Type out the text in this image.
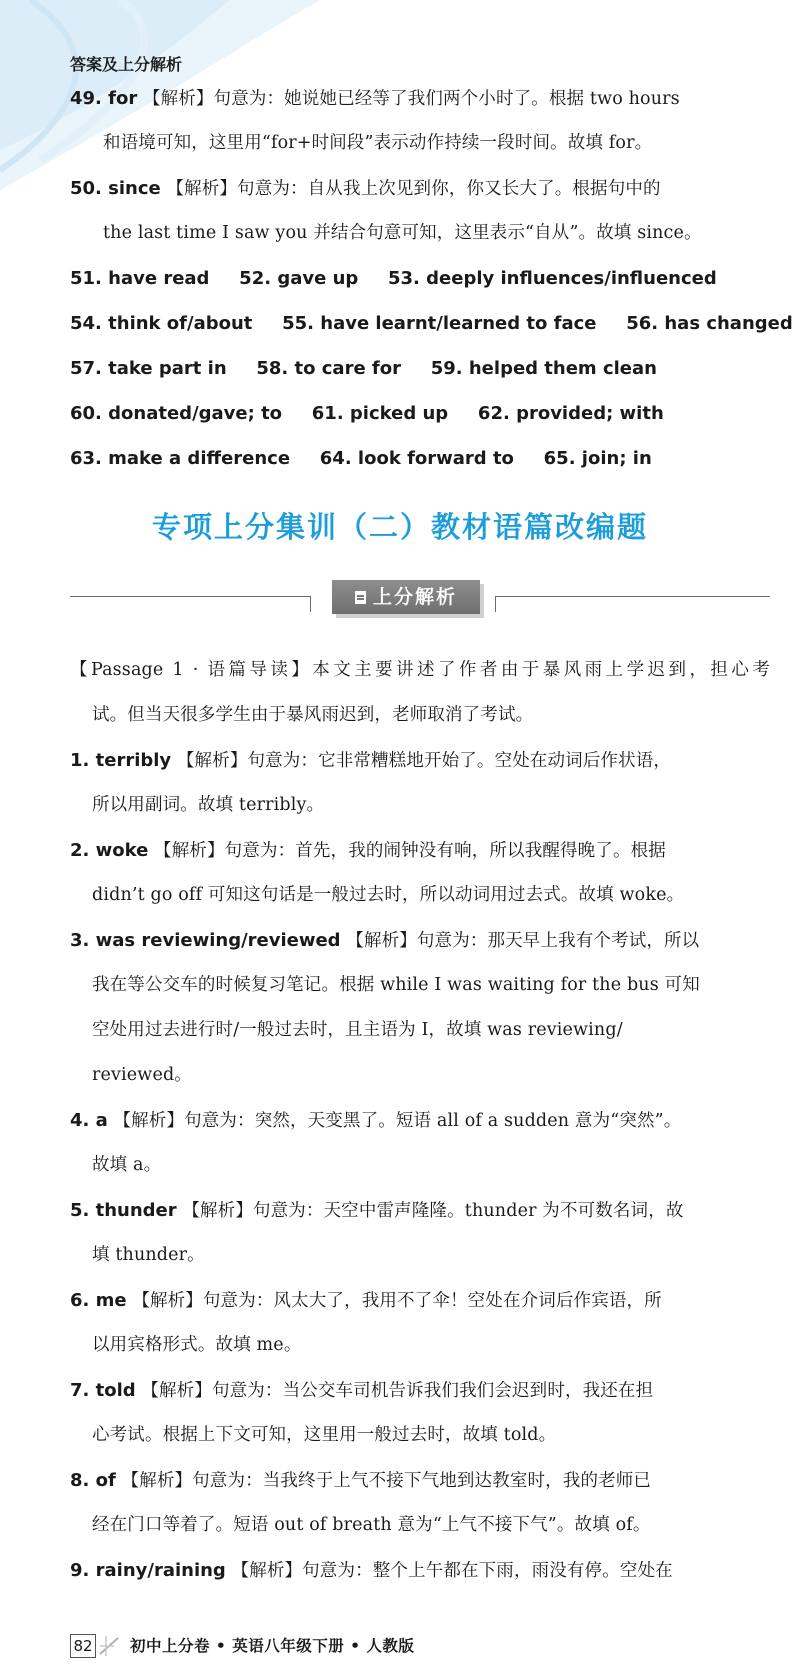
答案及上分解析
49. for 【解析】句意为：她说她已经等了我们两个小时了。根据 two hours
和语境可知，这里用“for+时间段”表示动作持续一段时间。故填 for。
50. since 【解析】句意为：自从我上次见到你，你又长大了。根据句中的
the last time I saw you 并结合句意可知，这里表示“自从”。故填 since。
51. have read 52. gave up 53. deeply influences/influenced
54. think of/about 55. have learnt/learned to face 56. has changed
57. take part in 58. to care for 59. helped them clean
60. donated/gave; to 61. picked up 62. provided; with
63. make a difference 64. look forward to 65. join; in
专项上分集训（二）教材语篇改编题
上分解析
【Passage 1 · 语篇导读】本文主要讲述了作者由于暴风雨上学迟到，担心考
试。但当天很多学生由于暴风雨迟到，老师取消了考试。
1. terribly 【解析】句意为：它非常糟糕地开始了。空处在动词后作状语，
所以用副词。故填 terribly。
2. woke 【解析】句意为：首先，我的闹钟没有响，所以我醒得晚了。根据
didn’t go off 可知这句话是一般过去时，所以动词用过去式。故填 woke。
3. was reviewing/reviewed 【解析】句意为：那天早上我有个考试，所以
我在等公交车的时候复习笔记。根据 while I was waiting for the bus 可知
空处用过去进行时/一般过去时，且主语为 I，故填 was reviewing/
reviewed。
4. a 【解析】句意为：突然，天变黑了。短语 all of a sudden 意为“突然”。
故填 a。
5. thunder 【解析】句意为：天空中雷声隆隆。thunder 为不可数名词，故
填 thunder。
6. me 【解析】句意为：风太大了，我用不了伞！空处在介词后作宾语，所
以用宾格形式。故填 me。
7. told 【解析】句意为：当公交车司机告诉我们我们会迟到时，我还在担
心考试。根据上下文可知，这里用一般过去时，故填 told。
8. of 【解析】句意为：当我终于上气不接下气地到达教室时，我的老师已
经在门口等着了。短语 out of breath 意为“上气不接下气”。故填 of。
9. rainy/raining 【解析】句意为：整个上午都在下雨，雨没有停。空处在
82 初中上分卷 • 英语八年级下册 • 人教版
